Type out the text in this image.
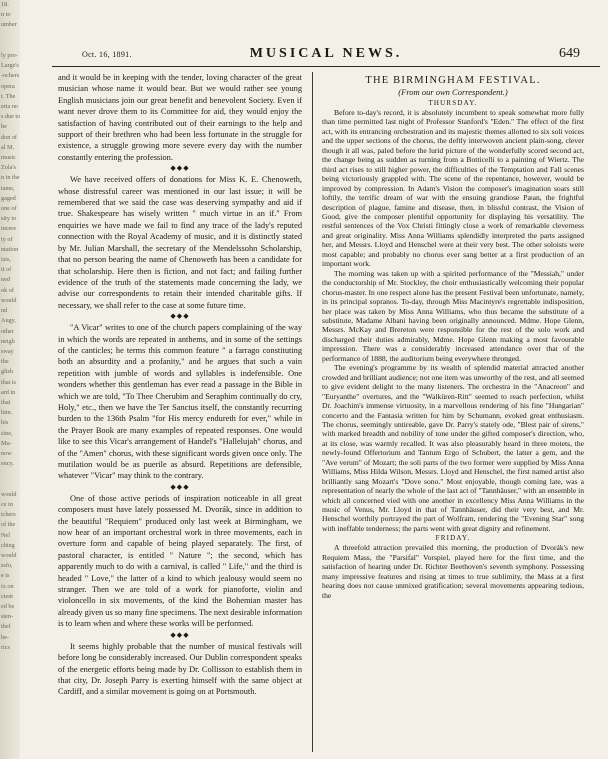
18.
n to
umber

ly pro-
Large's
-ochers
opera
t. The
eria no
s due to
be
don of
al M.
music
Zola's
n in the
tame,
gaged
one of
sity to
incere
ty of
ntation
isis,
it of
ned
ok of
would
nd
Augy,
other
neigh
sway
the
glish
that is
ard in
that
him.
his
sine,
Mu-
now
ency.

would
ce in
ichers
of the
Nel
ching
would
ssfu,
e is
ix on
cient
ed be
sten-
thef
be-
rics
Oct. 16, 1891.	MUSICAL NEWS.	649

and it would be in keeping with the tender, loving character of the great musician whose name it would bear. But we would rather see young English musicians join our great benefit and benevolent Society. Even if want never drove them to its Committee for aid, they would enjoy the satisfaction of having contributed out of their earnings to the help and support of their brethren who had been less fortunate in the struggle for existence, a struggle growing more severe every day with the number constantly entering the profession.

◆◆◆

We have received offers of donations for Miss K. E. Chenoweth, whose distressful career was mentioned in our last issue; it will be remembered that we said the case was deserving sympathy and aid if true. Shakespeare has wisely written " much virtue in an if." From enquiries we have made we fail to find any trace of the lady's reputed connection with the Royal Academy of music, and it is distinctly stated by Mr. Julian Marshall, the secretary of the Mendelssohn Scholarship, that no person bearing the name of Chenoweth has been a candidate for that scholarship. Here then is fiction, and not fact; and failing further evidence of the truth of the statements made concerning the lady, we advise our correspondents to retain their intended charitable gifts. If necessary, we shall refer to the case at some future time.

◆◆◆

"A Vicar" writes to one of the church papers complaining of the way in which the words are repeated in anthems, and in some of the settings of the canticles; he terms this common feature " a farrago constituting both an absurdity and a profanity," and he argues that such a vain repetition with jumble of words and syllables is indefensible. One wonders whether this gentleman has ever read a passage in the Bible in which we are told, "To Thee Cherubim and Seraphim continually do cry, Holy," etc., then we have the Ter Sanctus itself, the constantly recurring burden to the 136th Psalm "for His mercy endureth for ever," while in the Prayer Book are many examples of repeated responses. One would like to see this Vicar's arrangement of Handel's "Hallelujah" chorus, and of the "Amen" chorus, with these significant words given once only. The mutilation would be as puerile as absurd. Repetitions are defensible, whatever "Vicar" may think to the contrary.

◆◆◆

One of those active periods of inspiration noticeable in all great composers must have lately possessed M. Dvorák, since in addition to the beautiful "Requiem" produced only last week at Birmingham, we now hear of an important orchestral work in three movements, each in overture form and capable of being played separately. The first, of pastoral character, is entitled " Nature "; the second, which has apparently much to do with a carnival, is called " Life," and the third is headed " Love," the latter of a kind to which jealousy would seem no stranger. Then we are told of a work for pianoforte, violin and violoncello in six movements, of the kind the Bohemian master has already given us so many fine specimens. The next desirable information is to learn when and where these works will be performed.

◆◆◆

It seems highly probable that the number of musical festivals will before long be considerably increased. Our Dublin correspondent speaks of the energetic efforts being made by Dr. Collisson to establish them in that city, Dr. Joseph Parry is exerting himself with the same object at Cardiff, and a similar movement is going on at Portsmouth.

THE BIRMINGHAM FESTIVAL.
(From our own Correspondent.)
THURSDAY.

Before to-day's record, it is absolutely incumbent to speak somewhat more fully than time permitted last night of Professor Stanford's "Eden." The effect of the first act, with its entrancing orchestration and its majestic themes allotted to six soli voices and the upper sections of the chorus, the deftly interwoven ancient plain-song, clever though it all was, paled before the lurid picture of the wonderfully scored second act, the change being as sudden as turning from a Botticelli to a painting of Wiertz. The third act rises to still higher power, the difficulties of the Temptation and Fall scenes being victoriously grappled with. The scene of the repentance, however, would be improved by compression. In Adam's Vision the composer's imagination soars still loftily, the terrific dream of war with the ensuing grandiose Pæan, the frightful description of plague, famine and disease, then, in blissful contrast, the Vision of Good, give the composer plentiful opportunity for displaying his versatility. The restful sentences of the Vox Christi fittingly close a work of remarkable cleverness and great originality. Miss Anna Williams splendidly interpreted the parts assigned her, and Messrs. Lloyd and Henschel were at their very best. The other soloists were most capable; and probably no chorus ever sang better at a first production of an important work.

The morning was taken up with a spirited performance of the "Messiah," under the conductorship of Mr. Stockley, the choir enthusiastically welcoming their popular chorus-master. In one respect alone has the present Festival been unfortunate, namely, in its principal sopranos. To-day, through Miss Macintyre's regrettable indisposition, her place was taken by Miss Anna Williams, who thus became the substitute of a substitute, Madame Albani having been originally announced. Mdme. Hope Glenn, Messrs. McKay and Brereton were responsible for the rest of the solo work and discharged their duties admirably, Mdme. Hope Glenn making a most favourable impression. There was a considerably increased attendance over that of the performance of 1888, the auditorium being everywhere thronged.

The evening's programme by its wealth of splendid material attracted another crowded and brilliant audience; not one item was unworthy of the rest, and all seemed to give evident delight to the many listeners. The orchestra in the "Anacreon" and "Euryanthe" overtures, and the "Walküren-Ritt" seemed to reach perfection, whilst Dr. Joachim's immense virtuosity, in a marvellous rendering of his fine "Hungarian" concerto and the Fantasia written for him by Schumann, evoked great enthusiasm. The chorus, seemingly untireable, gave Dr. Parry's stately ode, "Blest pair of sirens," with marked breadth and nobility of tone under the gifted composer's direction, who, at its close, was warmly recalled. It was also pleasurably heard in three motets, the newly-found Offertorium and Tantum Ergo of Schubert, the latter a gem, and the "Ave verum" of Mozart; the soli parts of the two former were supplied by Miss Anna Williams, Miss Hilda Wilson, Messrs. Lloyd and Henschel, the first named artist also brilliantly sang Mozart's "Dove sono." Most enjoyable, though coming late, was a representation of nearly the whole of the last act of "Tannhäuser," with an ensemble in which all concerned vied with one another in excellency Miss Anna Williams in the music of Venus, Mr. Lloyd in that of Tannhäuser, did their very best, and Mr. Henschel worthily portrayed the part of Wolfram, rendering the "Evening Star" song with ineffable tenderness; the parts went with great dignity and refinement.

FRIDAY.

A threefold attraction prevailed this morning, the production of Dvorák's new Requiem Mass, the "Parsifal" Vorspiel, played here for the first time, and the satisfaction of hearing under Dr. Richter Beethoven's seventh symphony. Possessing many impressive features and rising at times to true sublimity, the Mass at a first hearing does not cause unmixed gratification; several movements appearing tedious, the
